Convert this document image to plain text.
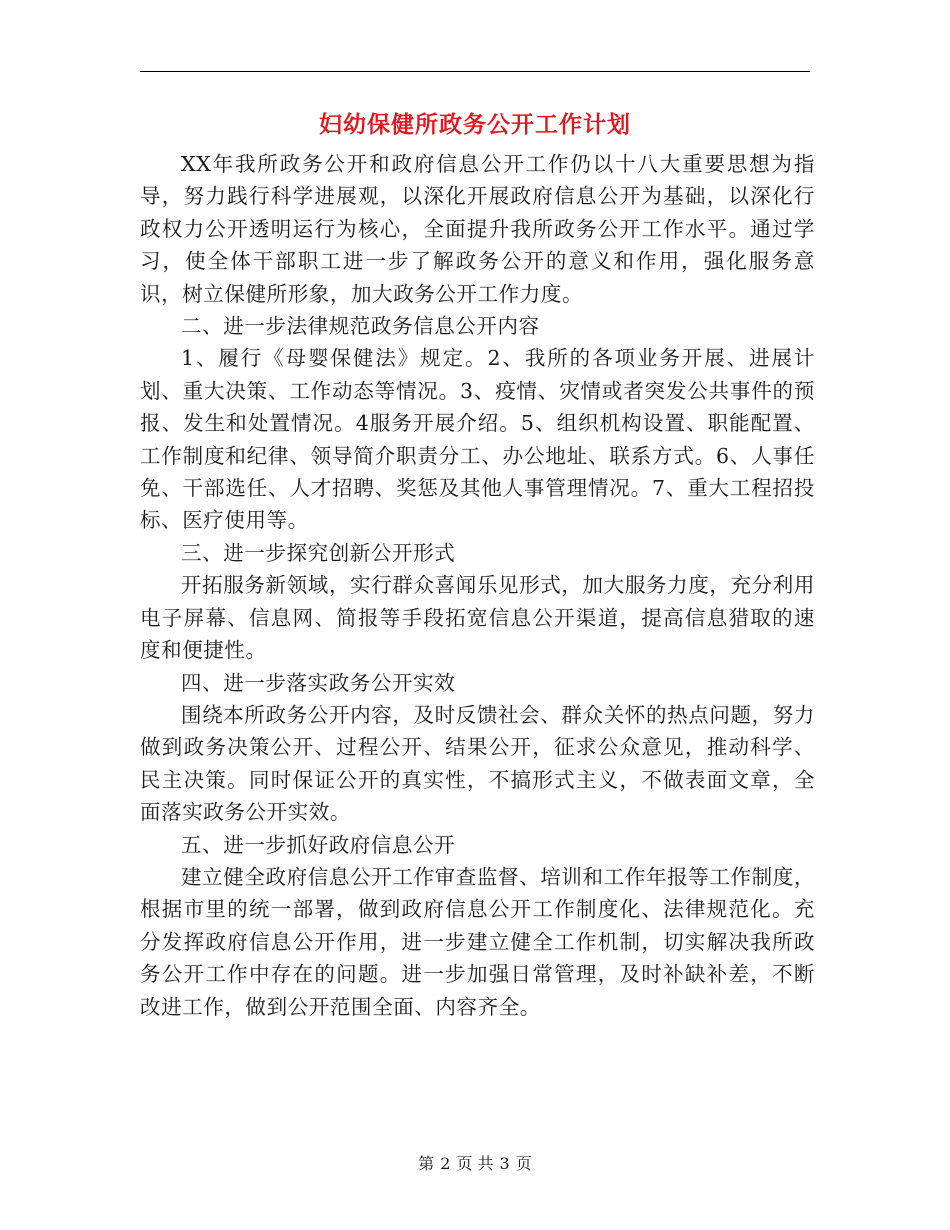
妇幼保健所政务公开工作计划

XX年我所政务公开和政府信息公开工作仍以十八大重要思想为指导，努力践行科学进展观，以深化开展政府信息公开为基础，以深化行政权力公开透明运行为核心，全面提升我所政务公开工作水平。通过学习，使全体干部职工进一步了解政务公开的意义和作用，强化服务意识，树立保健所形象，加大政务公开工作力度。

二、进一步法律规范政务信息公开内容

1、履行《母婴保健法》规定。2、我所的各项业务开展、进展计划、重大决策、工作动态等情况。3、疫情、灾情或者突发公共事件的预报、发生和处置情况。4服务开展介绍。5、组织机构设置、职能配置、工作制度和纪律、领导简介职责分工、办公地址、联系方式。6、人事任免、干部选任、人才招聘、奖惩及其他人事管理情况。7、重大工程招投标、医疗使用等。

三、进一步探究创新公开形式

开拓服务新领域，实行群众喜闻乐见形式，加大服务力度，充分利用电子屏幕、信息网、简报等手段拓宽信息公开渠道，提高信息猎取的速度和便捷性。

四、进一步落实政务公开实效

围绕本所政务公开内容，及时反馈社会、群众关怀的热点问题，努力做到政务决策公开、过程公开、结果公开，征求公众意见，推动科学、民主决策。同时保证公开的真实性，不搞形式主义，不做表面文章，全面落实政务公开实效。

五、进一步抓好政府信息公开

建立健全政府信息公开工作审查监督、培训和工作年报等工作制度，根据市里的统一部署，做到政府信息公开工作制度化、法律规范化。充分发挥政府信息公开作用，进一步建立健全工作机制，切实解决我所政务公开工作中存在的问题。进一步加强日常管理，及时补缺补差，不断改进工作，做到公开范围全面、内容齐全。

第 2 页 共 3 页
